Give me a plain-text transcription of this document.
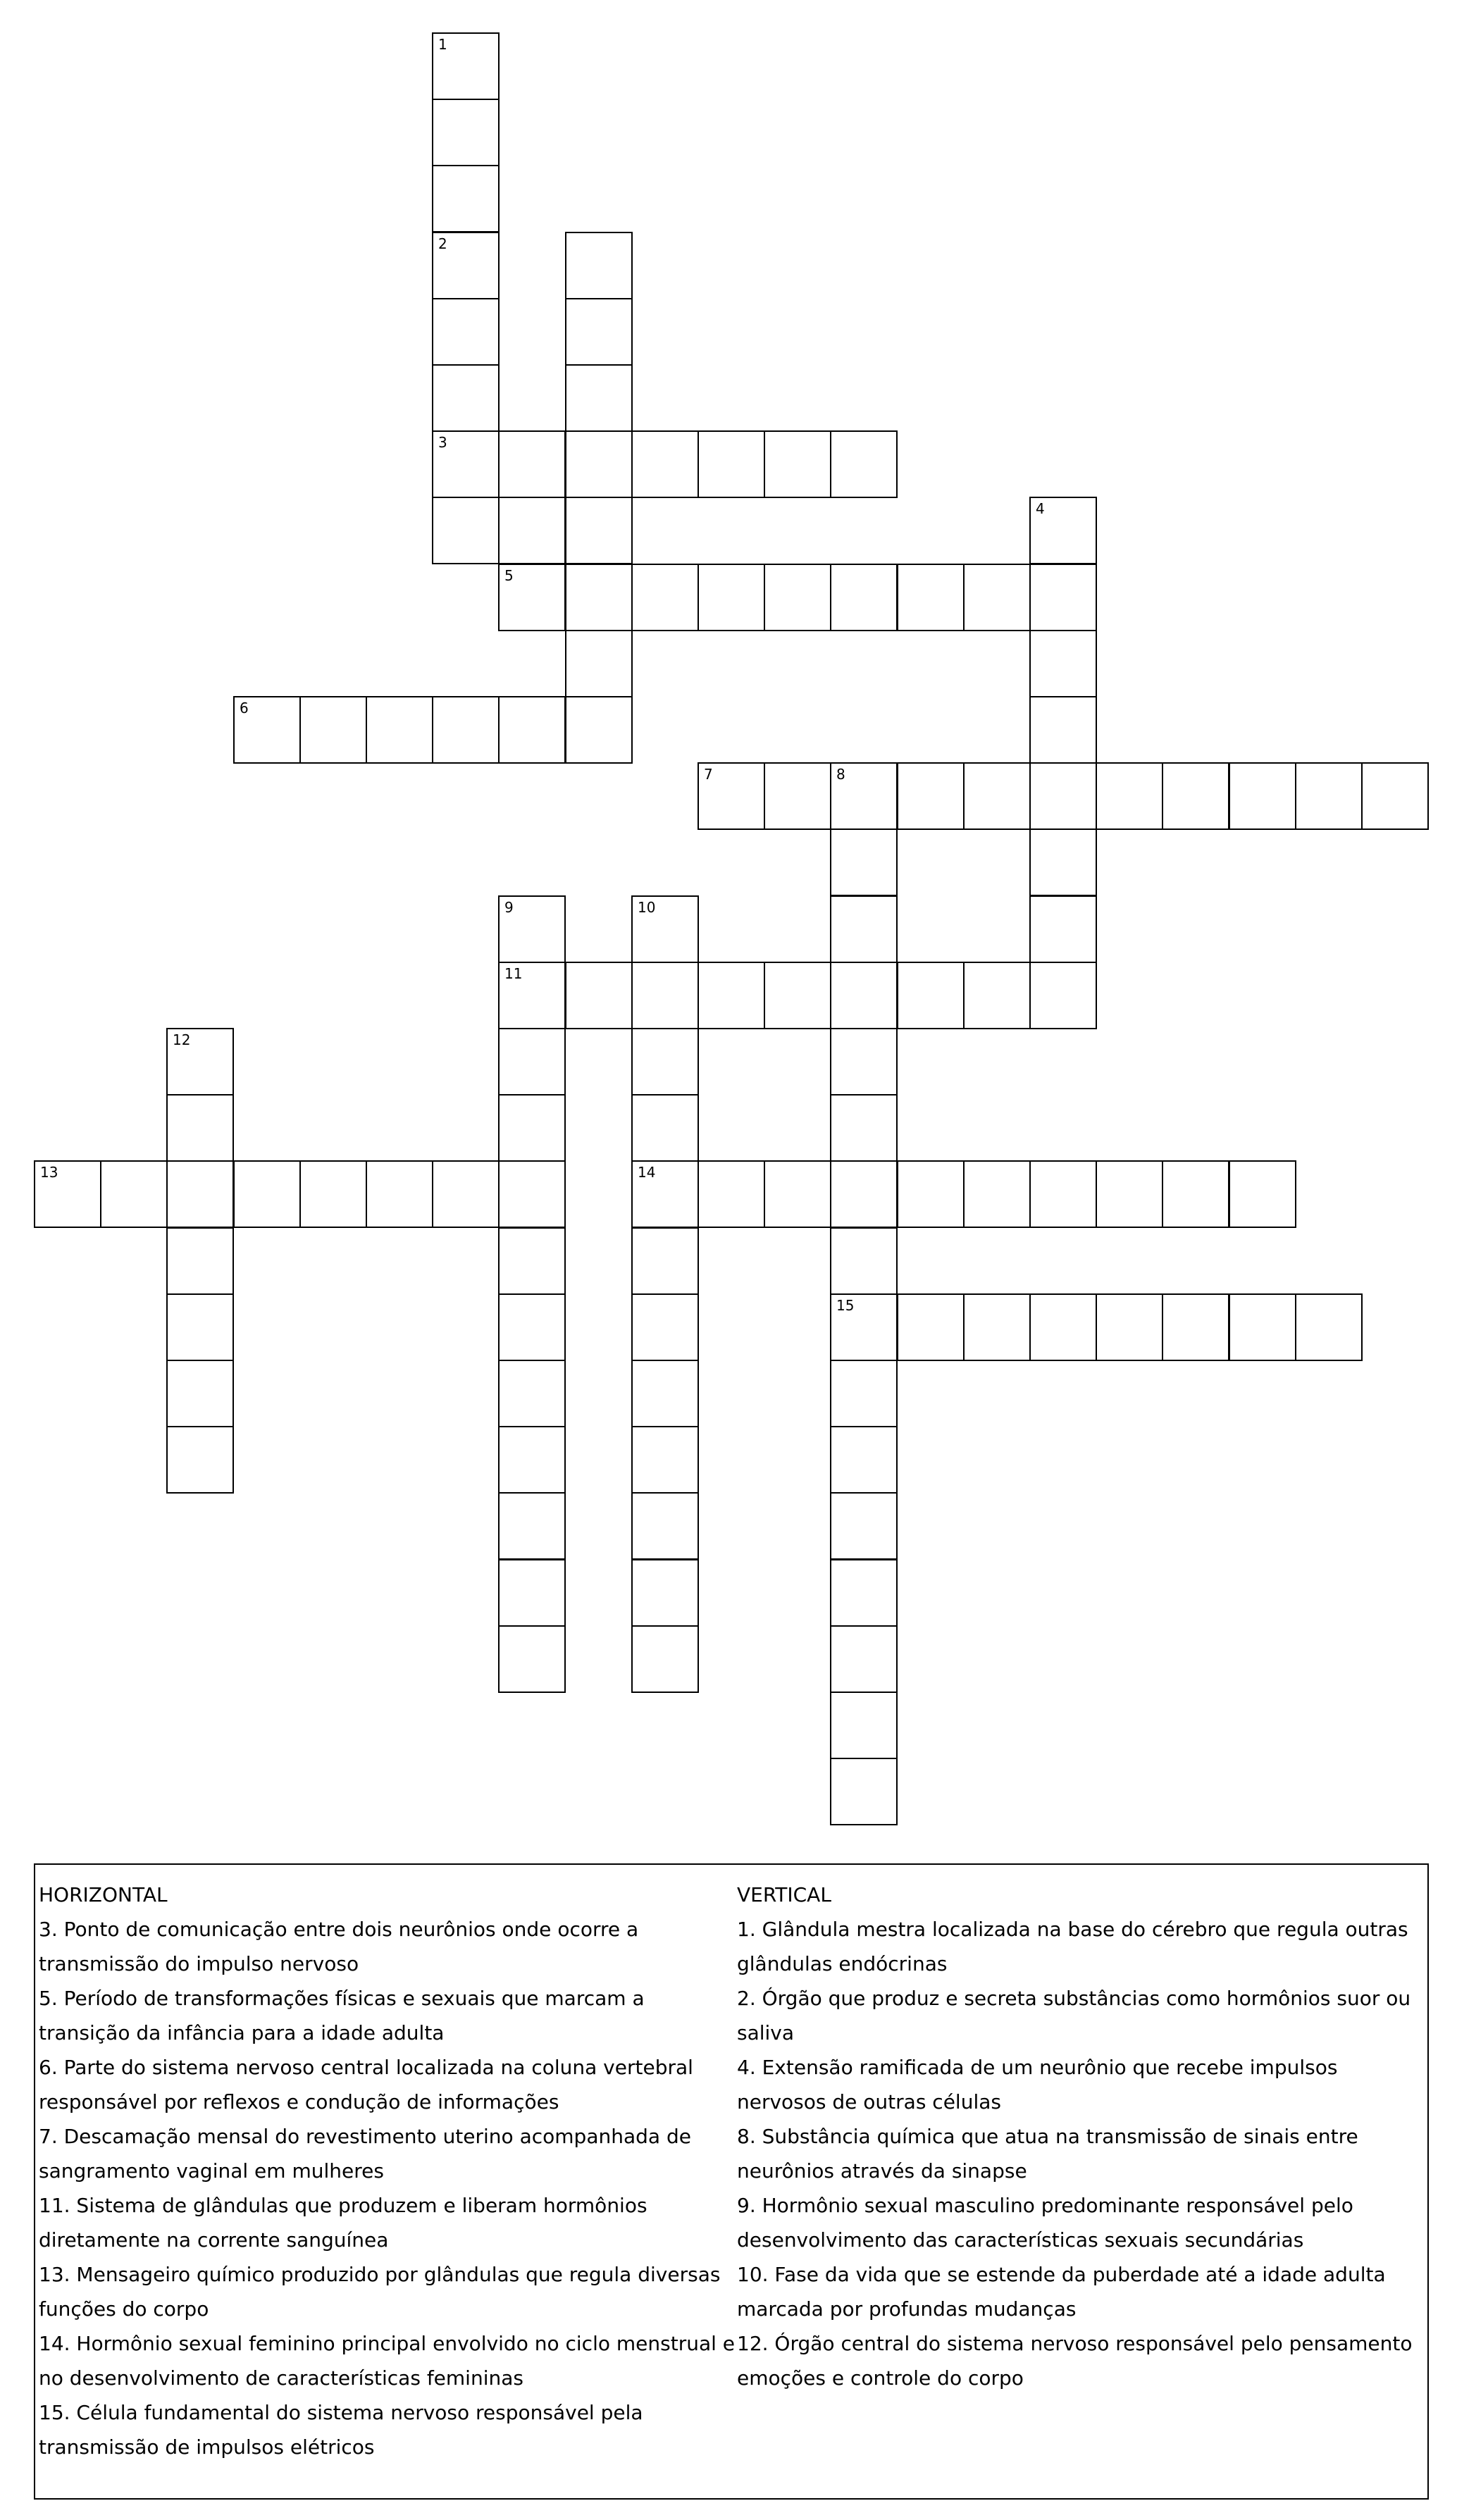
1
2
3
4
5
6
7	8
9	10
11
12
13	14
15
HORIZONTAL
3. Ponto de comunicação entre dois neurônios onde ocorre a transmissão do impulso nervoso
5. Período de transformações físicas e sexuais que marcam a transição da infância para a idade adulta
6. Parte do sistema nervoso central localizada na coluna vertebral responsável por reflexos e condução de informações
7. Descamação mensal do revestimento uterino acompanhada de sangramento vaginal em mulheres
11. Sistema de glândulas que produzem e liberam hormônios diretamente na corrente sanguínea
13. Mensageiro químico produzido por glândulas que regula diversas funções do corpo
14. Hormônio sexual feminino principal envolvido no ciclo menstrual e no desenvolvimento de características femininas
15. Célula fundamental do sistema nervoso responsável pela transmissão de impulsos elétricos
VERTICAL
1. Glândula mestra localizada na base do cérebro que regula outras glândulas endócrinas
2. Órgão que produz e secreta substâncias como hormônios suor ou saliva
4. Extensão ramificada de um neurônio que recebe impulsos nervosos de outras células
8. Substância química que atua na transmissão de sinais entre neurônios através da sinapse
9. Hormônio sexual masculino predominante responsável pelo desenvolvimento das características sexuais secundárias
10. Fase da vida que se estende da puberdade até a idade adulta marcada por profundas mudanças
12. Órgão central do sistema nervoso responsável pelo pensamento emoções e controle do corpo
